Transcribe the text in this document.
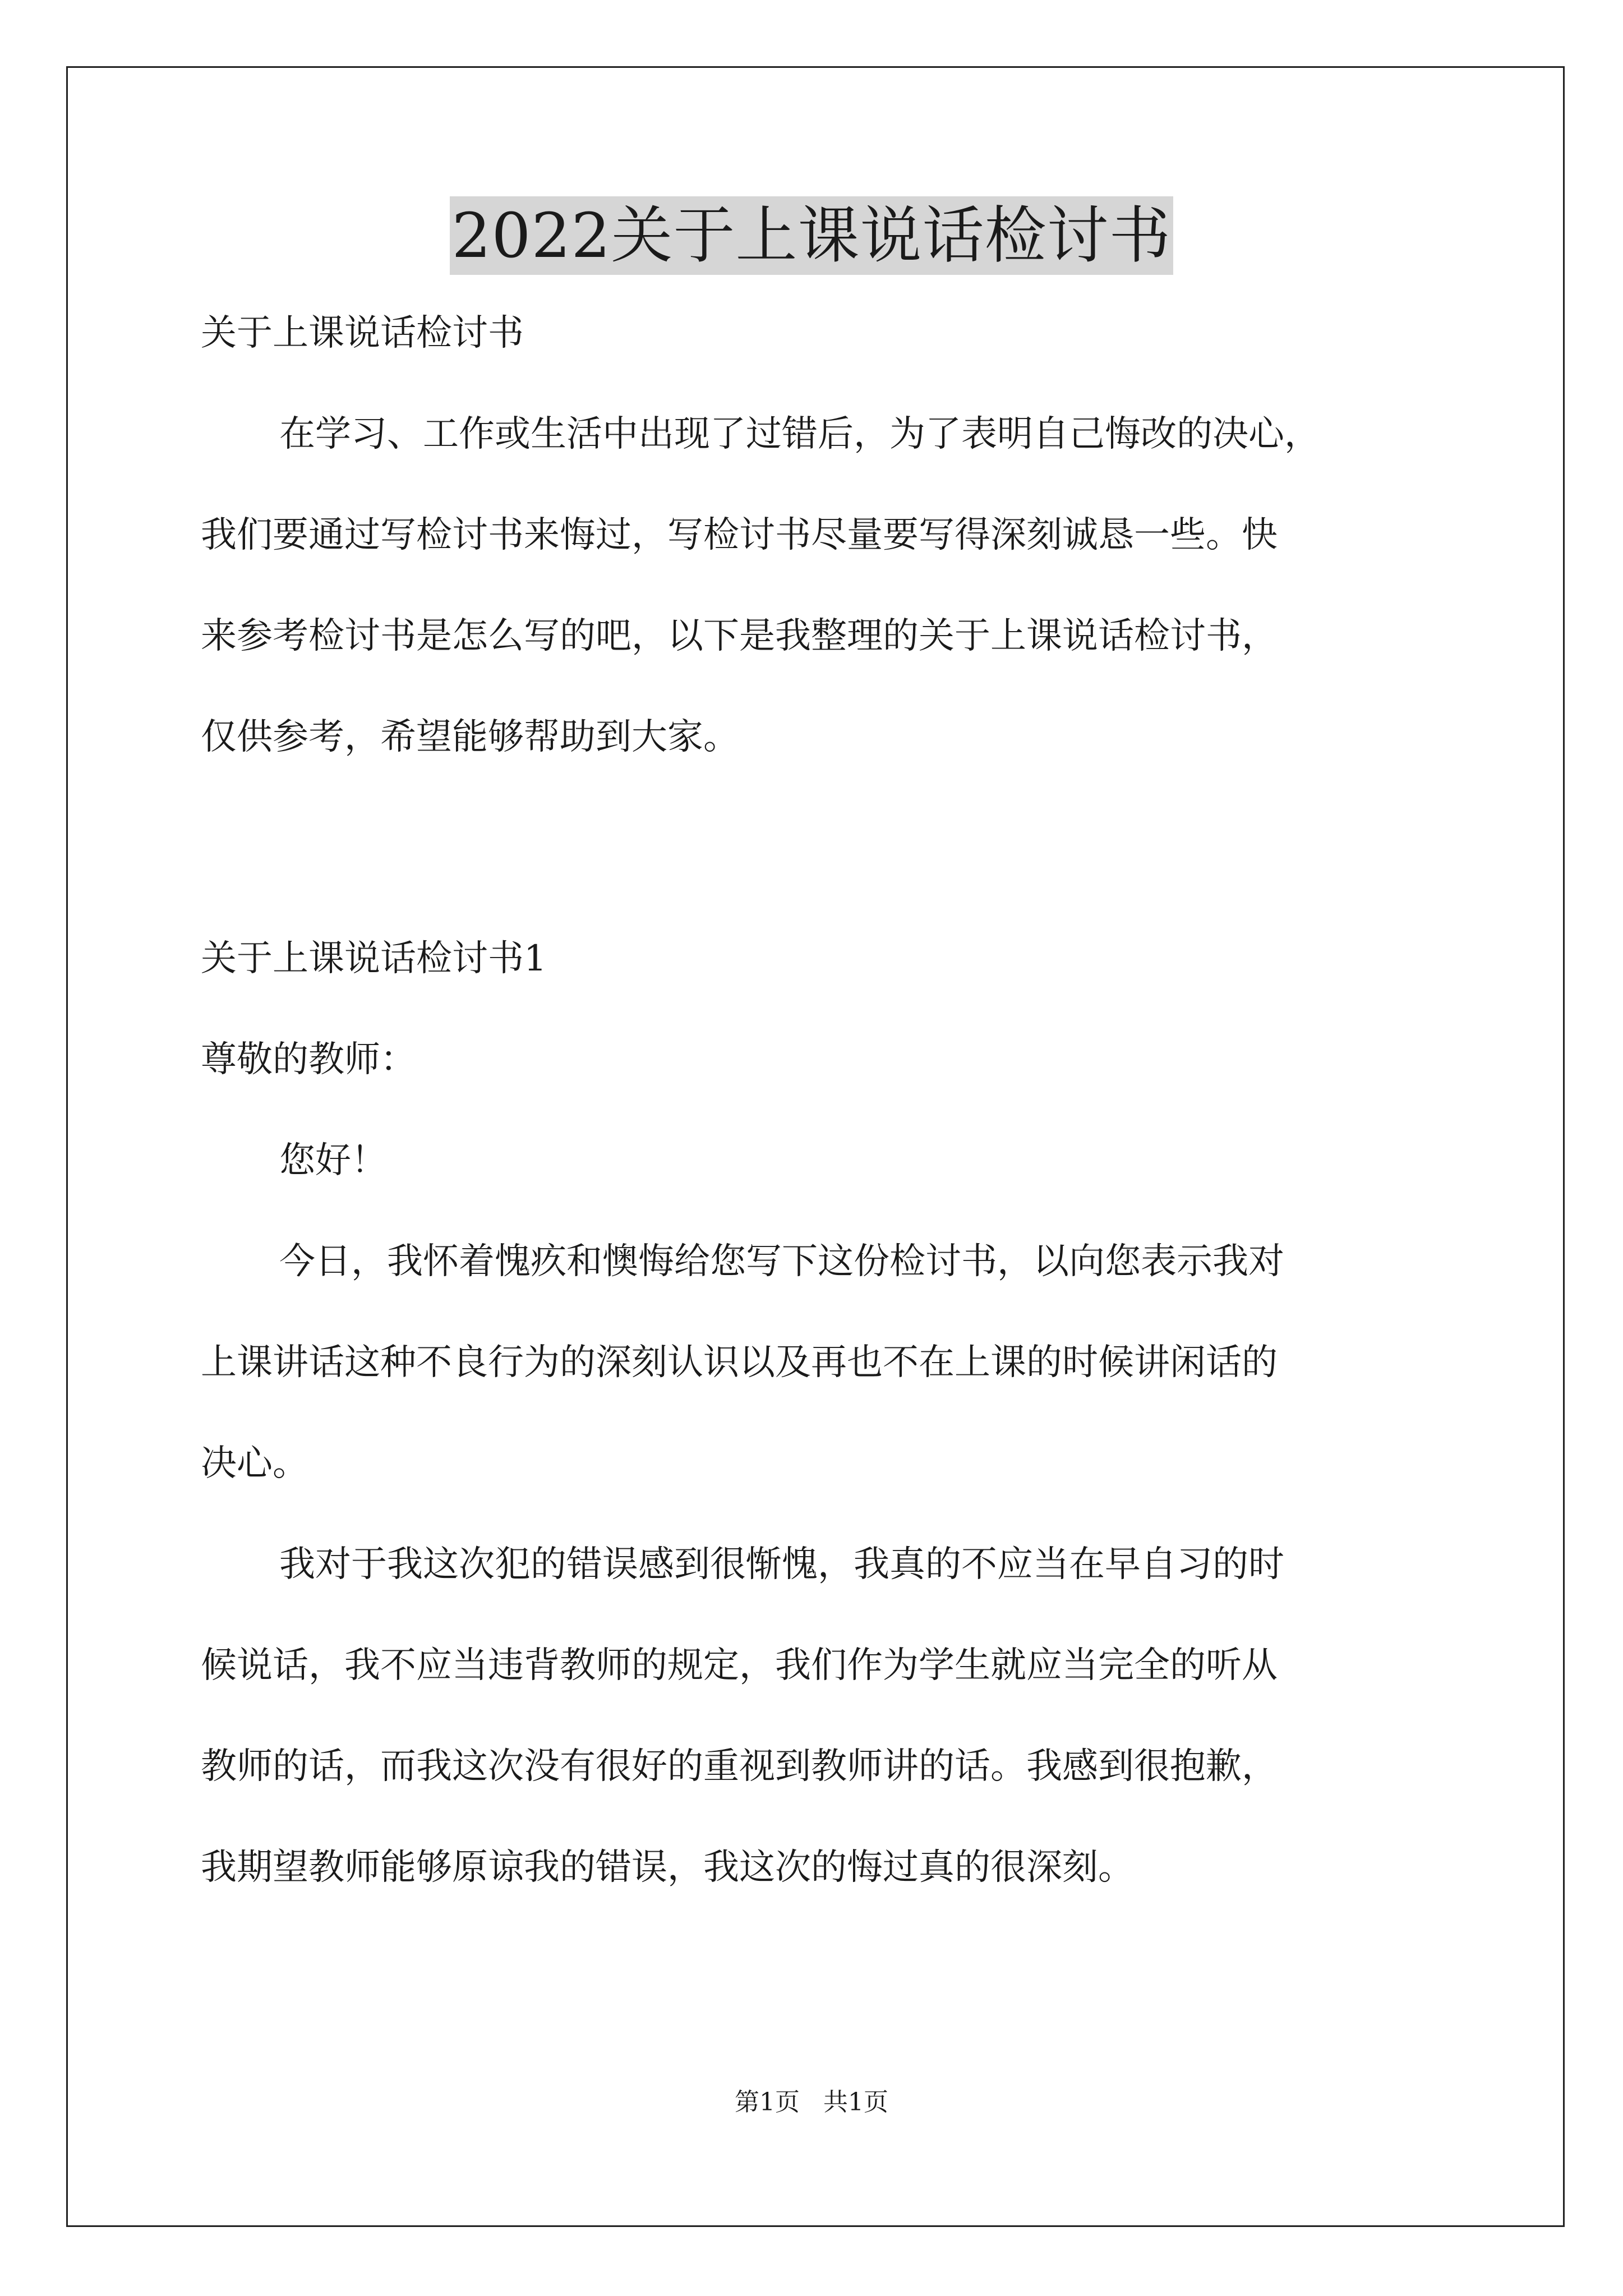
2022关于上课说话检讨书
关于上课说话检讨书
在学习、工作或生活中出现了过错后，为了表明自己悔改的决心，
我们要通过写检讨书来悔过，写检讨书尽量要写得深刻诚恳一些。快
来参考检讨书是怎么写的吧，以下是我整理的关于上课说话检讨书，
仅供参考，希望能够帮助到大家。
关于上课说话检讨书1
尊敬的教师：
您好！
今日，我怀着愧疚和懊悔给您写下这份检讨书，以向您表示我对
上课讲话这种不良行为的深刻认识以及再也不在上课的时候讲闲话的
决心。
我对于我这次犯的错误感到很惭愧，我真的不应当在早自习的时
候说话，我不应当违背教师的规定，我们作为学生就应当完全的听从
教师的话，而我这次没有很好的重视到教师讲的话。我感到很抱歉，
我期望教师能够原谅我的错误，我这次的悔过真的很深刻。
第1页   共1页
